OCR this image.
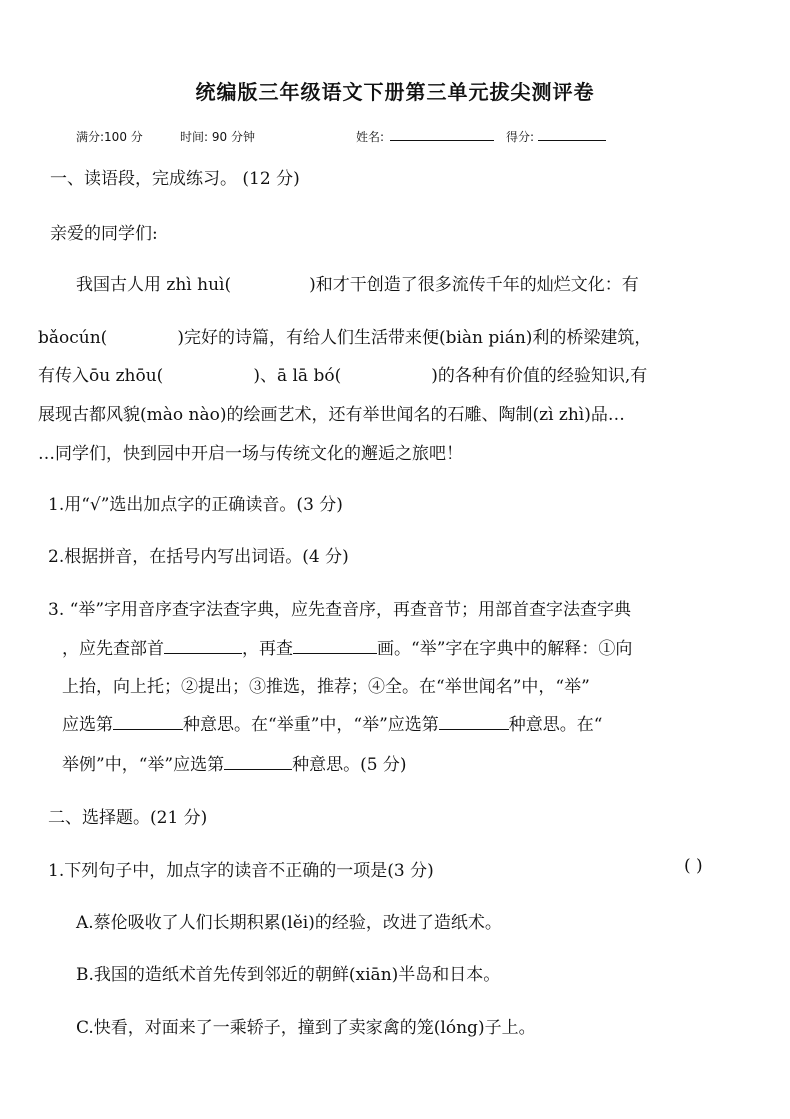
统编版三年级语文下册第三单元拔尖测评卷
满分:100 分	时间: 90 分钟	姓名:	得分:
一、读语段，完成练习。 (12 分)
亲爱的同学们:
我国古人用 zhì huì(	)和才干创造了很多流传千年的灿烂文化：有
bǎocún(	)完好的诗篇，有给人们生活带来便(biàn pián)利的桥梁建筑，
有传入ōu zhōu(	)、ā lā bó(	)的各种有价值的经验知识,有
展现古都风貌(mào nào)的绘画艺术，还有举世闻名的石雕、陶制(zì zhì)品…
…同学们，快到园中开启一场与传统文化的邂逅之旅吧！
1.用“√”选出加点字的正确读音。(3 分)
2.根据拼音，在括号内写出词语。(4 分)
3. “举”字用音序查字法查字典，应先查音序，再查音节；用部首查字法查字典
，应先查部首	，再查	画。“举”字在字典中的解释：①向
上抬，向上托；②提出；③推选，推荐；④全。在“举世闻名”中，“举”
应选第	种意思。在“举重”中，“举”应选第	种意思。在“
举例”中，“举”应选第	种意思。(5 分)
二、选择题。(21 分)
1.下列句子中，加点字的读音不正确的一项是(3 分)	( )
A.蔡伦吸收了人们长期积累(lěi)的经验，改进了造纸术。
B.我国的造纸术首先传到邻近的朝鲜(xiān)半岛和日本。
C.快看，对面来了一乘轿子，撞到了卖家禽的笼(lóng)子上。
